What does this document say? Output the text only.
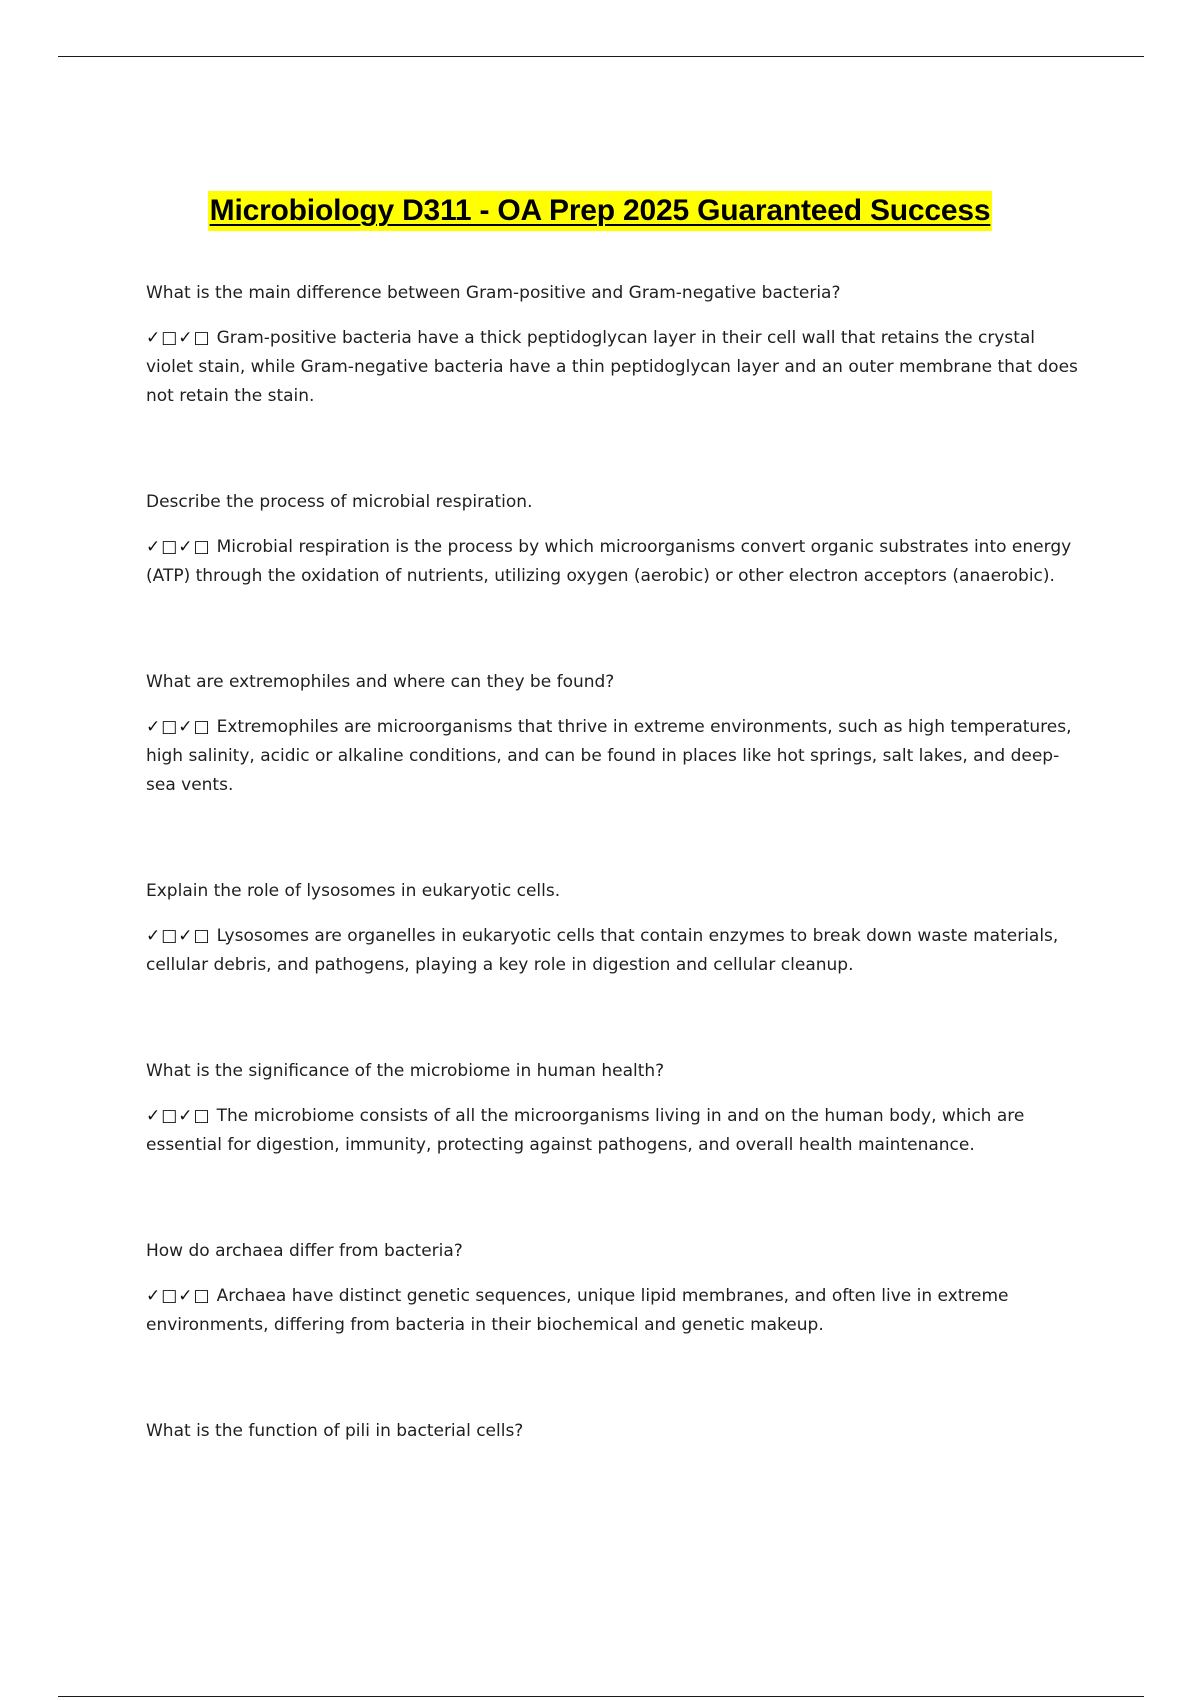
Microbiology D311 - OA Prep 2025 Guaranteed Success

What is the main difference between Gram-positive and Gram-negative bacteria?

✓□✓□ Gram-positive bacteria have a thick peptidoglycan layer in their cell wall that retains the crystal violet stain, while Gram-negative bacteria have a thin peptidoglycan layer and an outer membrane that does not retain the stain.

Describe the process of microbial respiration.

✓□✓□ Microbial respiration is the process by which microorganisms convert organic substrates into energy (ATP) through the oxidation of nutrients, utilizing oxygen (aerobic) or other electron acceptors (anaerobic).

What are extremophiles and where can they be found?

✓□✓□ Extremophiles are microorganisms that thrive in extreme environments, such as high temperatures, high salinity, acidic or alkaline conditions, and can be found in places like hot springs, salt lakes, and deep-sea vents.

Explain the role of lysosomes in eukaryotic cells.

✓□✓□ Lysosomes are organelles in eukaryotic cells that contain enzymes to break down waste materials, cellular debris, and pathogens, playing a key role in digestion and cellular cleanup.

What is the significance of the microbiome in human health?

✓□✓□ The microbiome consists of all the microorganisms living in and on the human body, which are essential for digestion, immunity, protecting against pathogens, and overall health maintenance.

How do archaea differ from bacteria?

✓□✓□ Archaea have distinct genetic sequences, unique lipid membranes, and often live in extreme environments, differing from bacteria in their biochemical and genetic makeup.

What is the function of pili in bacterial cells?
